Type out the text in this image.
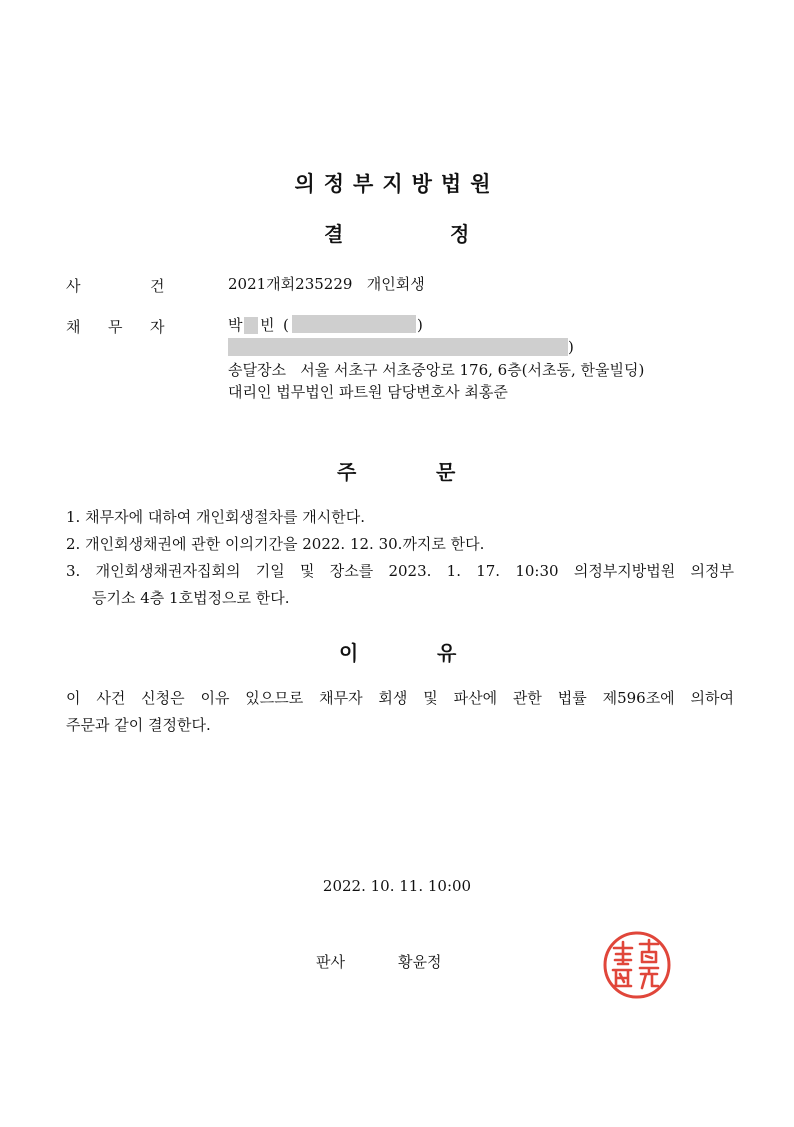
의정부지방법원
결	정
사	건	2021개회235229 개인회생
채 무 자	박 빈 (	)
)
송달장소 서울 서초구 서초중앙로 176, 6층(서초동, 한울빌딩)
대리인 법무법인 파트원 담당변호사 최홍준
주	문
1. 채무자에 대하여 개인회생절차를 개시한다.
2. 개인회생채권에 관한 이의기간을 2022. 12. 30.까지로 한다.
3. 개인회생채권자집회의 기일 및 장소를 2023. 1. 17. 10:30 의정부지방법원 의정부
등기소 4층 1호법정으로 한다.
이	유
이 사건 신청은 이유 있으므로 채무자 회생 및 파산에 관한 법률 제596조에 의하여
주문과 같이 결정한다.
2022. 10. 11. 10:00
판사	황윤정
